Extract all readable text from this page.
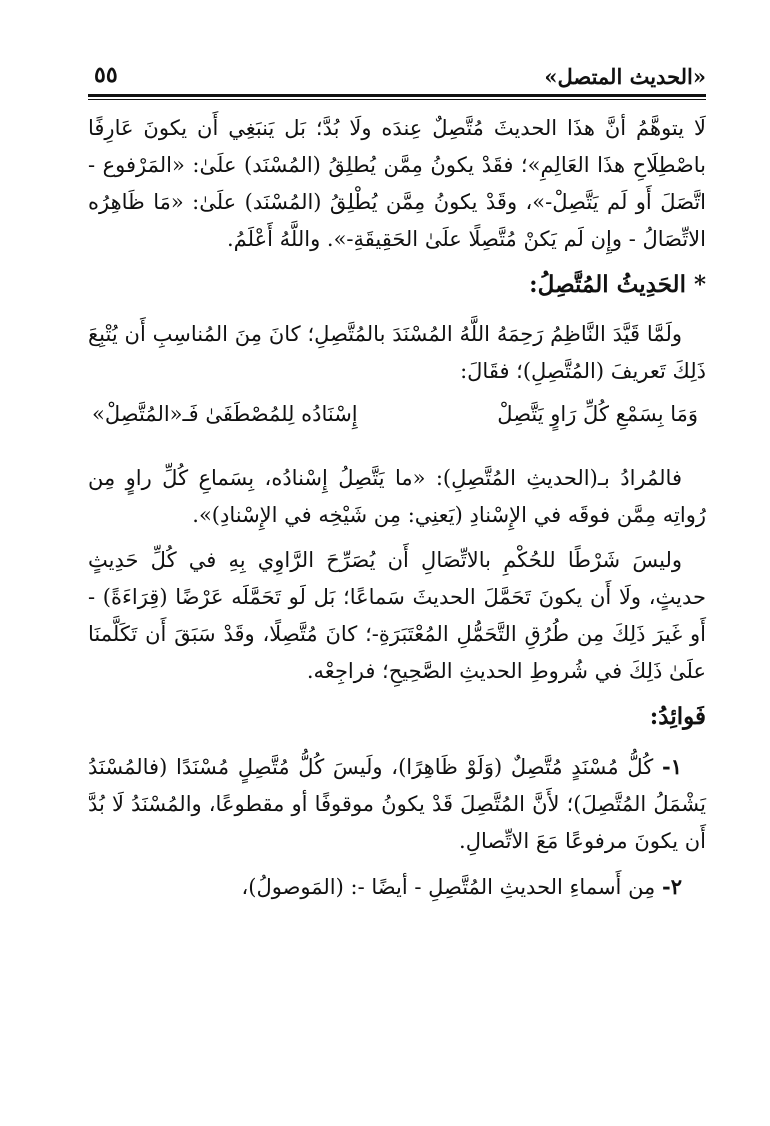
«الحديث المتصل»
٥٥

لَا يتوهَّمُ أنَّ هذَا الحديثَ مُتَّصِلٌ عِندَه ولَا بُدَّ؛ بَل يَنبَغِي أَن يكونَ عَارِفًا باصْطِلَاحِ هذَا العَالِمِ»؛ فقَدْ يكونُ مِمَّن يُطلِقُ (المُسْنَد) علَىٰ: «المَرْفوع - اتَّصَلَ أَو لَم يَتَّصِلْ-»، وقَدْ يكونُ مِمَّن يُطْلِقُ (المُسْنَد) علَىٰ: «مَا ظَاهِرُه الاتِّصَالُ - وإِن لَم يَكنْ مُتَّصِلًا علَىٰ الحَقِيقَةِ-». واللَّهُ أَعْلَمُ.

* الحَدِيثُ المُتَّصِلُ:

ولَمَّا قَيَّدَ النَّاظِمُ رَحِمَهُ اللَّهُ المُسْنَدَ بالمُتَّصِلِ؛ كانَ مِنَ المُناسِبِ أَن يُتْبِعَ ذَلِكَ تَعريفَ (المُتَّصِلِ)؛ فقَالَ:

وَمَا بِسَمْعِ كُلِّ رَاوٍ يَتَّصِلْ
إِسْنَادُه لِلمُصْطَفَىٰ فَـ«المُتَّصِلْ»

فالمُرادُ بـ(الحديثِ المُتَّصِلِ): «ما يَتَّصِلُ إِسْنادُه، بِسَماعِ كُلِّ راوٍ مِن رُواتِه مِمَّن فوقَه في الإِسْنادِ (يَعنِي: مِن شَيْخِه في الإِسْنادِ)».

وليسَ شَرْطًا للحُكْمِ بالاتِّصَالِ أَن يُصَرِّحَ الرَّاوِي بِهِ في كُلِّ حَدِيثٍ حديثٍ، ولَا أَن يكونَ تَحَمَّلَ الحديثَ سَماعًا؛ بَل لَو تَحَمَّلَه عَرْضًا (قِرَاءَةً) - أَو غَيرَ ذَلِكَ مِن طُرُقِ التَّحَمُّلِ المُعْتَبَرَةِ-؛ كانَ مُتَّصِلًا، وقَدْ سَبَقَ أَن تَكَلَّمنَا علَىٰ ذَلِكَ في شُروطِ الحديثِ الصَّحِيحِ؛ فراجِعْه.

فَوائِدُ:

١- كُلُّ مُسْنَدٍ مُتَّصِلٌ (وَلَوْ ظَاهِرًا)، ولَيسَ كُلُّ مُتَّصِلٍ مُسْنَدًا (فالمُسْنَدُ يَشْمَلُ المُتَّصِلَ)؛ لأَنَّ المُتَّصِلَ قَدْ يكونُ موقوفًا أو مقطوعًا، والمُسْنَدُ لَا بُدَّ أَن يكونَ مرفوعًا مَعَ الاتِّصالِ.

٢- مِن أَسماءِ الحديثِ المُتَّصِلِ - أيضًا -: (المَوصولُ)،
